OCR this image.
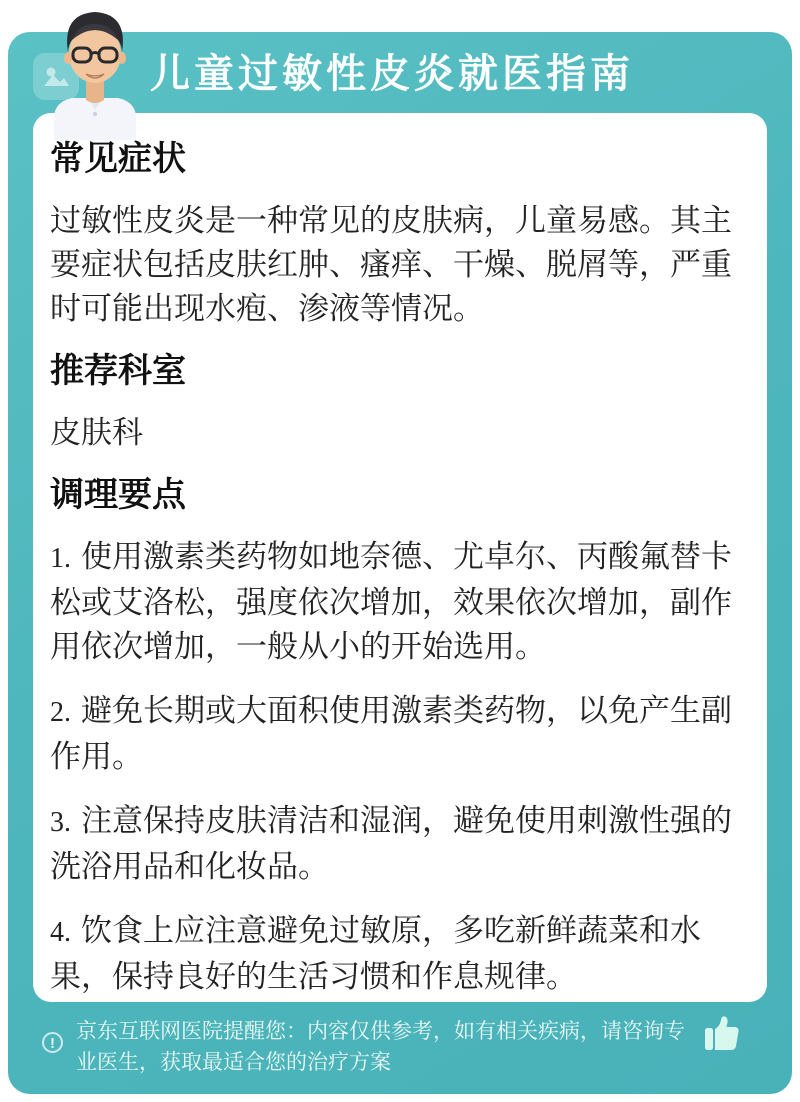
儿童过敏性皮炎就医指南
常见症状

过敏性皮炎是一种常见的皮肤病，儿童易感。其主要症状包括皮肤红肿、瘙痒、干燥、脱屑等，严重时可能出现水疱、渗液等情况。

推荐科室

皮肤科

调理要点

1. 使用激素类药物如地奈德、尤卓尔、丙酸氟替卡松或艾洛松，强度依次增加，效果依次增加，副作用依次增加，一般从小的开始选用。

2. 避免长期或大面积使用激素类药物，以免产生副作用。

3. 注意保持皮肤清洁和湿润，避免使用刺激性强的洗浴用品和化妆品。

4. 饮食上应注意避免过敏原，多吃新鲜蔬菜和水果，保持良好的生活习惯和作息规律。

!

京东互联网医院提醒您：内容仅供参考，如有相关疾病，请咨询专业医生，获取最适合您的治疗方案
